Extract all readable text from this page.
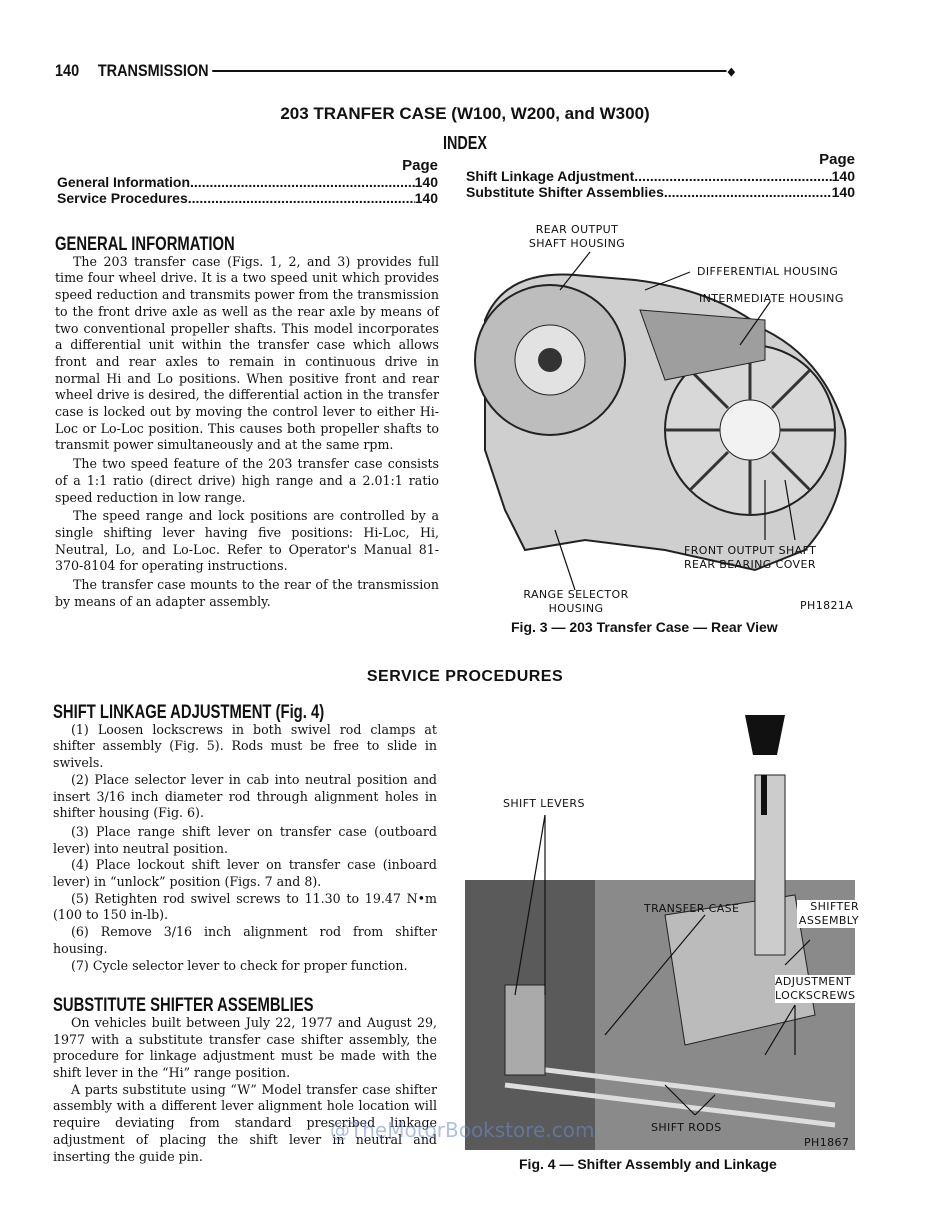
140 TRANSMISSION	◆
203 TRANFER CASE (W100, W200, and W300)
INDEX
Page
General Information .....	140
Service Procedures .....	140
Page
Shift Linkage Adjustment .....	140
Substitute Shifter Assemblies .....	140
GENERAL INFORMATION

The 203 transfer case (Figs. 1, 2, and 3) provides full time four wheel drive. It is a two speed unit which provides speed reduction and transmits power from the transmission to the front drive axle as well as the rear axle by means of two conventional propeller shafts. This model incorporates a differential unit within the transfer case which allows front and rear axles to remain in continuous drive in normal Hi and Lo positions. When positive front and rear wheel drive is desired, the differential action in the transfer case is locked out by moving the control lever to either Hi-Loc or Lo-Loc position. This causes both propeller shafts to transmit power simultaneously and at the same rpm.

The two speed feature of the 203 transfer case consists of a 1:1 ratio (direct drive) high range and a 2.01:1 ratio speed reduction in low range.

The speed range and lock positions are controlled by a single shifting lever having five positions: Hi-Loc, Hi, Neutral, Lo, and Lo-Loc. Refer to Operator's Manual 81-370-8104 for operating instructions.

The transfer case mounts to the rear of the transmission by means of an adapter assembly.

REAR OUTPUT SHAFT HOUSING
DIFFERENTIAL HOUSING
INTERMEDIATE HOUSING
FRONT OUTPUT SHAFT REAR BEARING COVER
RANGE SELECTOR HOUSING	PH1821A
Fig. 3 — 203 Transfer Case — Rear View
SERVICE PROCEDURES
SHIFT LINKAGE ADJUSTMENT (Fig. 4)

(1) Loosen lockscrews in both swivel rod clamps at shifter assembly (Fig. 5). Rods must be free to slide in swivels.

(2) Place selector lever in cab into neutral position and insert 3/16 inch diameter rod through alignment holes in shifter housing (Fig. 6).

(3) Place range shift lever on transfer case (outboard lever) into neutral position.

(4) Place lockout shift lever on transfer case (inboard lever) in “unlock” position (Figs. 7 and 8).

(5) Retighten rod swivel screws to 11.30 to 19.47 N•m (100 to 150 in-lb).

(6) Remove 3/16 inch alignment rod from shifter housing.

(7) Cycle selector lever to check for proper function.

SUBSTITUTE SHIFTER ASSEMBLIES

On vehicles built between July 22, 1977 and August 29, 1977 with a substitute transfer case shifter assembly, the procedure for linkage adjustment must be made with the shift lever in the “Hi” range position.

A parts substitute using “W” Model transfer case shifter assembly with a different lever alignment hole location will require deviating from standard prescribed linkage adjustment of placing the shift lever in neutral and inserting the guide pin.

SHIFT LEVERS
TRANSFER CASE	SHIFTER ASSEMBLY
ADJUSTMENT LOCKSCREWS
SHIFT RODS
PH1867
Fig. 4 — Shifter Assembly and Linkage
@TheMotorBookstore.com
